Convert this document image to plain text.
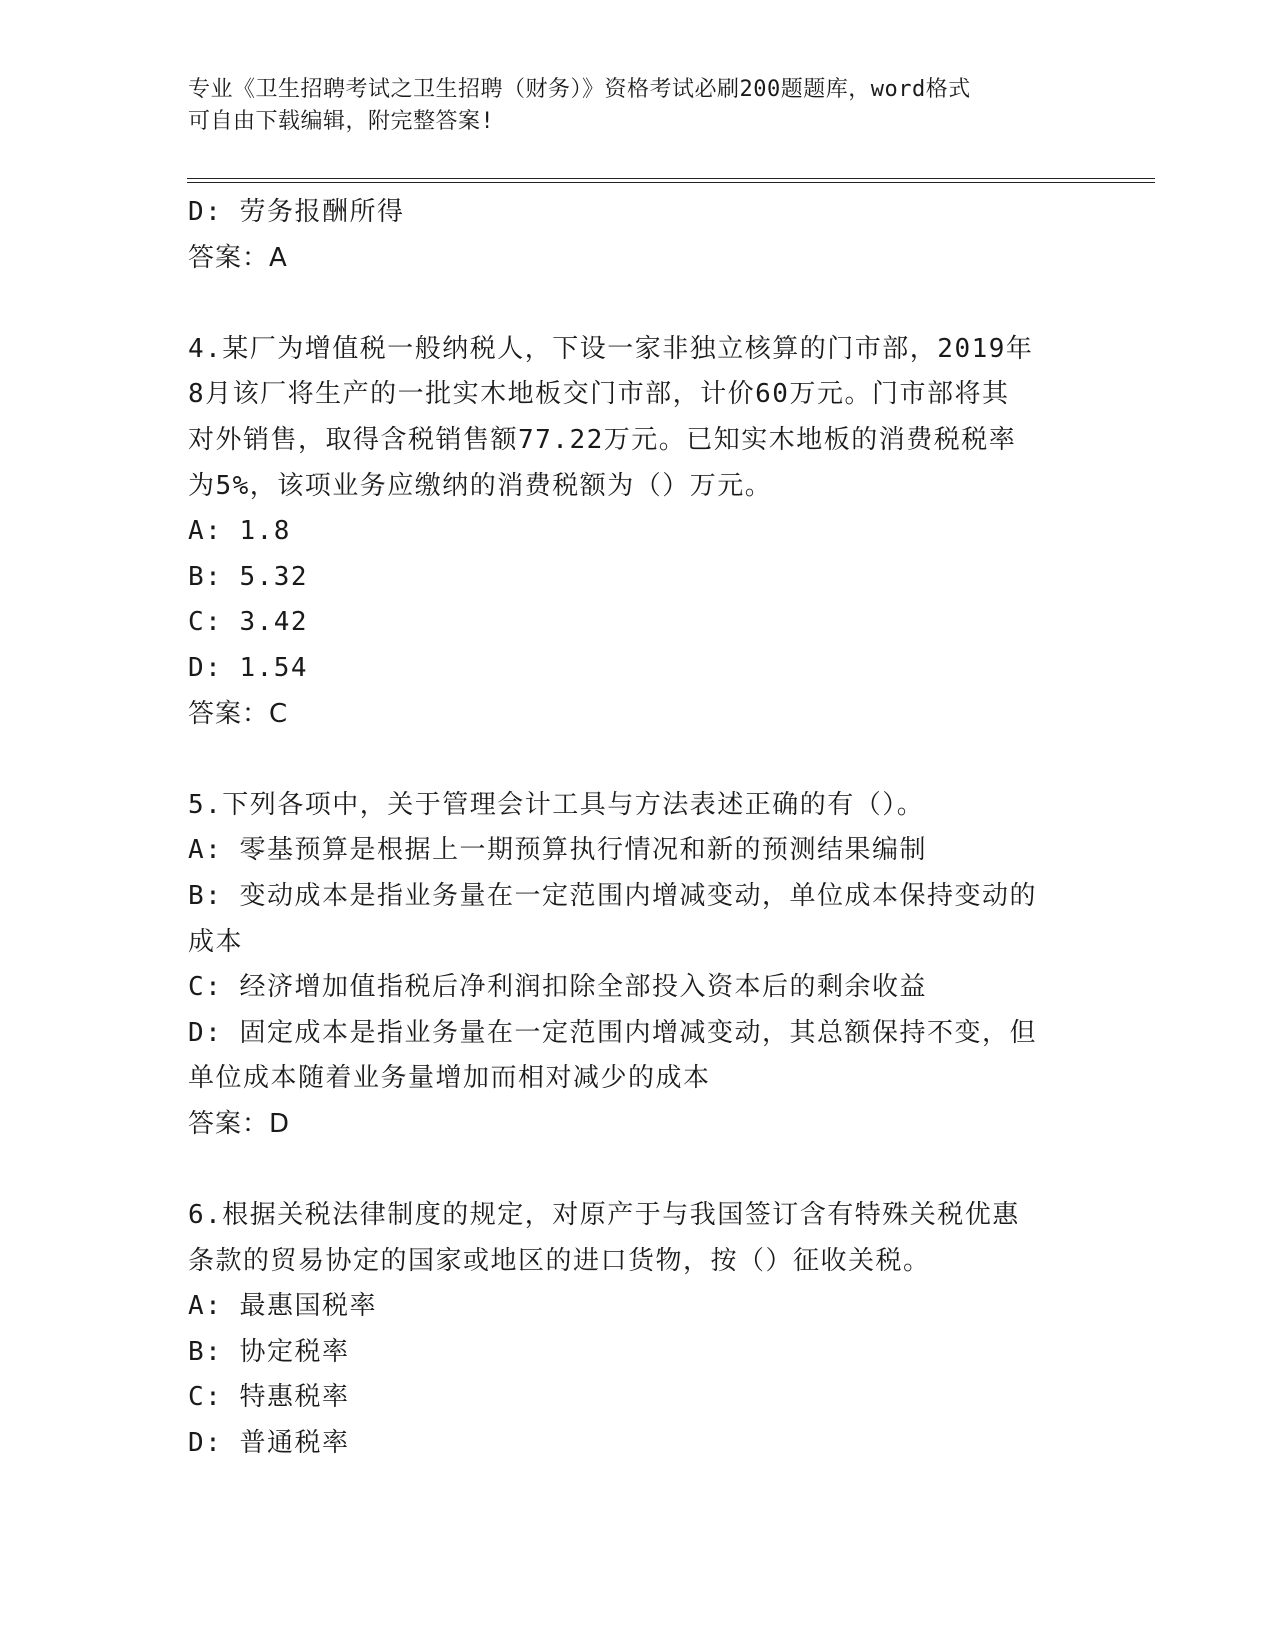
专业《卫生招聘考试之卫生招聘（财务）》资格考试必刷200题题库，word格式
可自由下载编辑，附完整答案!
D: 劳务报酬所得
答案：A
4.某厂为增值税一般纳税人，下设一家非独立核算的门市部，2019年
8月该厂将生产的一批实木地板交门市部，计价60万元。门市部将其
对外销售，取得含税销售额77.22万元。已知实木地板的消费税税率
为5%，该项业务应缴纳的消费税额为（）万元。
A: 1.8
B: 5.32
C: 3.42
D: 1.54
答案：C
5.下列各项中，关于管理会计工具与方法表述正确的有（）。
A: 零基预算是根据上一期预算执行情况和新的预测结果编制
B: 变动成本是指业务量在一定范围内增减变动，单位成本保持变动的
成本
C: 经济增加值指税后净利润扣除全部投入资本后的剩余收益
D: 固定成本是指业务量在一定范围内增减变动，其总额保持不变，但
单位成本随着业务量增加而相对减少的成本
答案：D
6.根据关税法律制度的规定，对原产于与我国签订含有特殊关税优惠
条款的贸易协定的国家或地区的进口货物，按（）征收关税。
A: 最惠国税率
B: 协定税率
C: 特惠税率
D: 普通税率
